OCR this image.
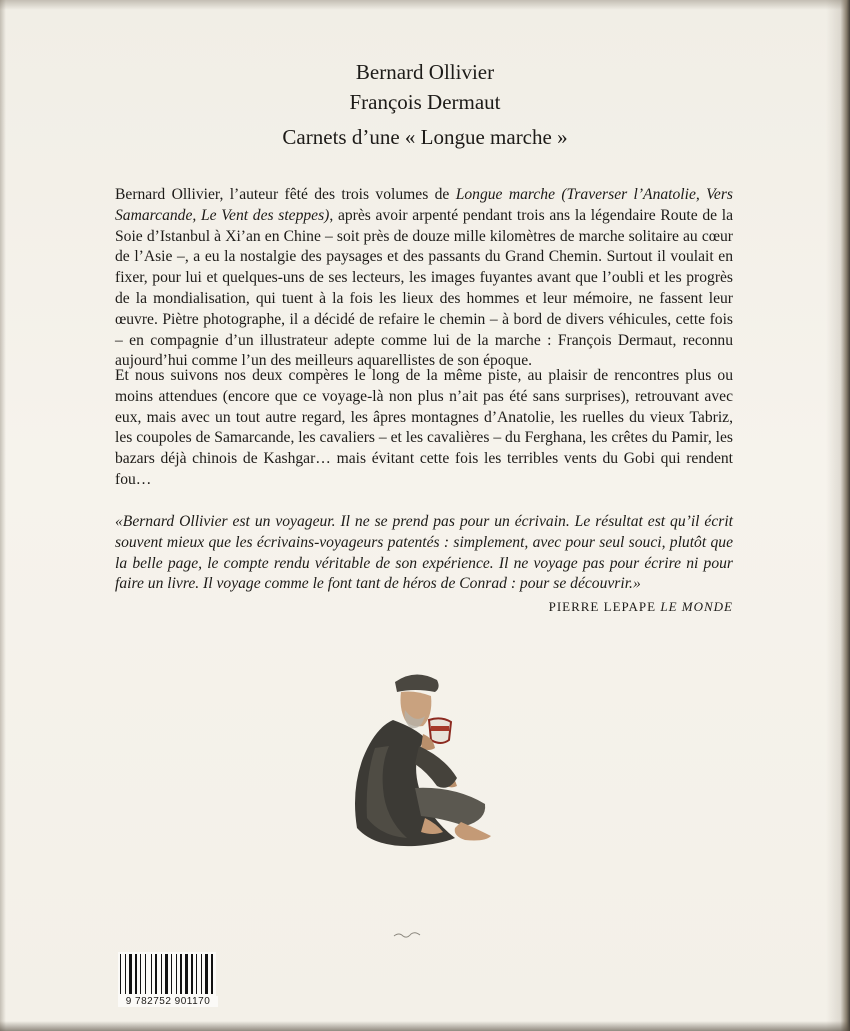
Bernard Ollivier
François Dermaut
Carnets d’une « Longue marche »

Bernard Ollivier, l’auteur fêté des trois volumes de Longue marche (Traverser l’Anatolie, Vers Samarcande, Le Vent des steppes), après avoir arpenté pendant trois ans la légendaire Route de la Soie d’Istanbul à Xi’an en Chine – soit près de douze mille kilomètres de marche solitaire au cœur de l’Asie –, a eu la nostalgie des paysages et des passants du Grand Chemin. Surtout il voulait en fixer, pour lui et quelques-uns de ses lecteurs, les images fuyantes avant que l’oubli et les progrès de la mondialisation, qui tuent à la fois les lieux des hommes et leur mémoire, ne fassent leur œuvre. Piètre photographe, il a décidé de refaire le chemin – à bord de divers véhicules, cette fois – en compagnie d’un illustrateur adepte comme lui de la marche : François Dermaut, reconnu aujourd’hui comme l’un des meilleurs aquarellistes de son époque.

Et nous suivons nos deux compères le long de la même piste, au plaisir de rencontres plus ou moins attendues (encore que ce voyage-là non plus n’ait pas été sans surprises), retrouvant avec eux, mais avec un tout autre regard, les âpres montagnes d’Anatolie, les ruelles du vieux Tabriz, les coupoles de Samarcande, les cavaliers – et les cavalières – du Ferghana, les crêtes du Pamir, les bazars déjà chinois de Kashgar… mais évitant cette fois les terribles vents du Gobi qui rendent fou…

«Bernard Ollivier est un voyageur. Il ne se prend pas pour un écrivain. Le résultat est qu’il écrit souvent mieux que les écrivains-voyageurs patentés : simplement, avec pour seul souci, plutôt que la belle page, le compte rendu véritable de son expérience. Il ne voyage pas pour écrire ni pour faire un livre. Il voyage comme le font tant de héros de Conrad : pour se découvrir.»
PIERRE LEPAPE LE MONDE
9 782752 901170
